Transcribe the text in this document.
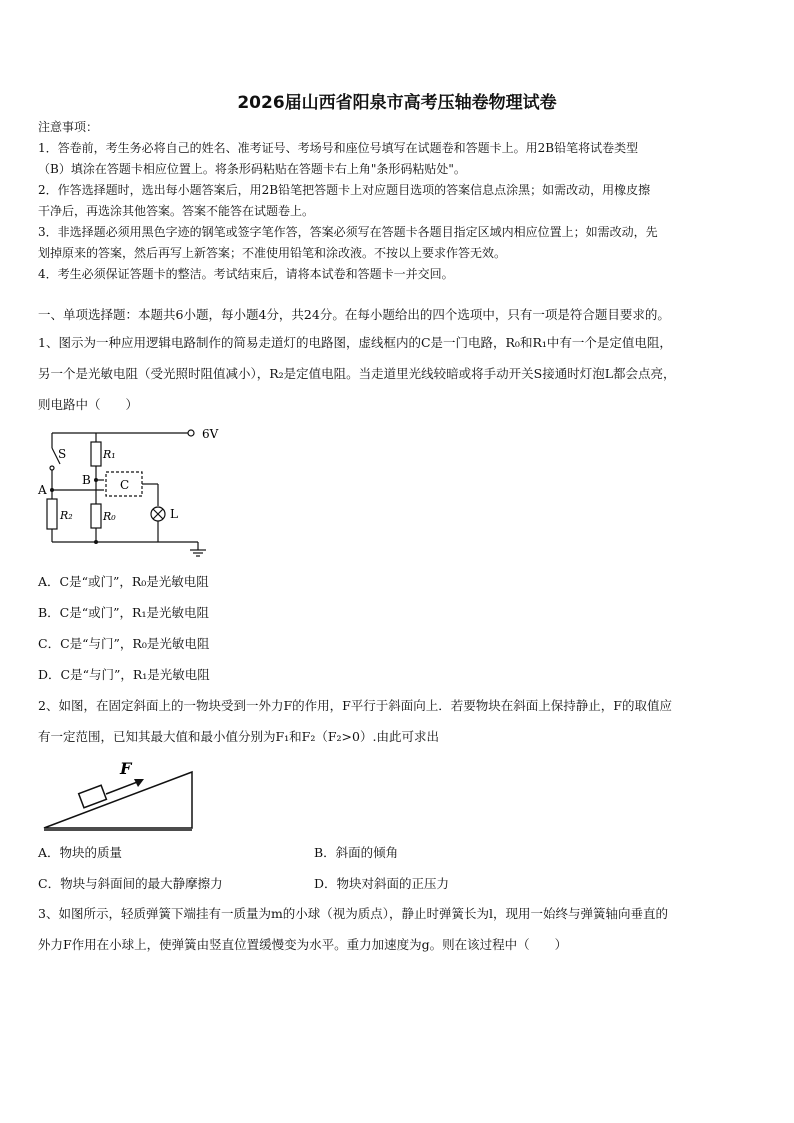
2026届山西省阳泉市高考压轴卷物理试卷
注意事项：
1．答卷前，考生务必将自己的姓名、准考证号、考场号和座位号填写在试题卷和答题卡上。用2B铅笔将试卷类型
（B）填涂在答题卡相应位置上。将条形码粘贴在答题卡右上角"条形码粘贴处"。
2．作答选择题时，选出每小题答案后，用2B铅笔把答题卡上对应题目选项的答案信息点涂黑；如需改动，用橡皮擦
干净后，再选涂其他答案。答案不能答在试题卷上。
3．非选择题必须用黑色字迹的钢笔或签字笔作答，答案必须写在答题卡各题目指定区域内相应位置上；如需改动，先
划掉原来的答案，然后再写上新答案；不准使用铅笔和涂改液。不按以上要求作答无效。
4．考生必须保证答题卡的整洁。考试结束后，请将本试卷和答题卡一并交回。
一、单项选择题：本题共6小题，每小题4分，共24分。在每小题给出的四个选项中，只有一项是符合题目要求的。
1、图示为一种应用逻辑电路制作的简易走道灯的电路图，虚线框内的C是一门电路，R₀和R₁中有一个是定值电阻，
另一个是光敏电阻（受光照时阻值减小），R₂是定值电阻。当走道里光线较暗或将手动开关S接通时灯泡L都会点亮，
则电路中（　　）
6V
S
A
B C
L
R₁
R₂	R₀
A．C是“或门”，R₀是光敏电阻
B．C是“或门”，R₁是光敏电阻
C．C是“与门”，R₀是光敏电阻
D．C是“与门”，R₁是光敏电阻
2、如图，在固定斜面上的一物块受到一外力F的作用，F平行于斜面向上．若要物块在斜面上保持静止，F的取值应
有一定范围，已知其最大值和最小值分别为F₁和F₂（F₂>0）.由此可求出
F
A．物块的质量	B．斜面的倾角
C．物块与斜面间的最大静摩擦力	D．物块对斜面的正压力
3、如图所示，轻质弹簧下端挂有一质量为m的小球（视为质点），静止时弹簧长为l，现用一始终与弹簧轴向垂直的
外力F作用在小球上，使弹簧由竖直位置缓慢变为水平。重力加速度为g。则在该过程中（　　）
